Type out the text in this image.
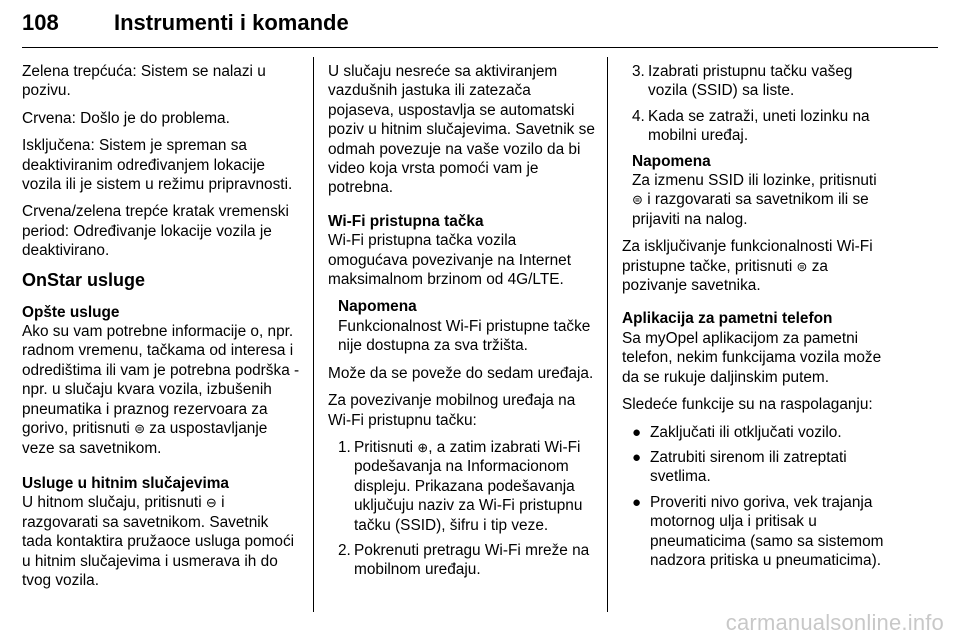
108	Instrumenti i komande

Zelena trepćuća: Sistem se nalazi u pozivu.

Crvena: Došlo je do problema.

Isključena: Sistem je spreman sa deaktiviranim određivanjem lokacije vozila ili je sistem u režimu pripravnosti.

Crvena/zelena trepće kratak vremenski period: Određivanje lokacije vozila je deaktivirano.

OnStar usluge
Opšte usluge

Ako su vam potrebne informacije o, npr. radnom vremenu, tačkama od interesa i odredištima ili vam je potrebna podrška - npr. u slučaju kvara vozila, izbušenih pneumatika i praznog rezervoara za gorivo, pritisnuti ⊜ za uspostavljanje veze sa savetnikom.

Usluge u hitnim slučajevima

U hitnom slučaju, pritisnuti ⊖ i razgovarati sa savetnikom. Savetnik tada kontaktira pružaoce usluga pomoći u hitnim slučajevima i usmerava ih do tvog vozila.

U slučaju nesreće sa aktiviranjem vazdušnih jastuka ili zatezača pojaseva, uspostavlja se automatski poziv u hitnim slučajevima. Savetnik se odmah povezuje na vaše vozilo da bi video koja vrsta pomoći vam je potrebna.

Wi-Fi pristupna tačka

Wi-Fi pristupna tačka vozila omogućava povezivanje na Internet maksimalnom brzinom od 4G/LTE.

Napomena
Funkcionalnost Wi-Fi pristupne tačke nije dostupna za sva tržišta.

Može da se poveže do sedam uređaja.

Za povezivanje mobilnog uređaja na Wi-Fi pristupnu tačku:

1. Pritisnuti ⊕, a zatim izabrati Wi-Fi podešavanja na Informacionom displeju. Prikazana podešavanja uključuju naziv za Wi-Fi pristupnu tačku (SSID), šifru i tip veze.
2. Pokrenuti pretragu Wi-Fi mreže na mobilnom uređaju.
3. Izabrati pristupnu tačku vašeg vozila (SSID) sa liste.
4. Kada se zatraži, uneti lozinku na mobilni uređaj.
Napomena
Za izmenu SSID ili lozinke, pritisnuti ⊜ i razgovarati sa savetnikom ili se prijaviti na nalog.

Za isključivanje funkcionalnosti Wi-Fi pristupne tačke, pritisnuti ⊜ za pozivanje savetnika.

Aplikacija za pametni telefon

Sa myOpel aplikacijom za pametni telefon, nekim funkcijama vozila može da se rukuje daljinskim putem.

Sledeće funkcije su na raspolaganju:

● Zaključati ili otključati vozilo.
● Zatrubiti sirenom ili zatreptati svetlima.
● Proveriti nivo goriva, vek trajanja motornog ulja i pritisak u pneumaticima (samo sa sistemom nadzora pritiska u pneumaticima).
carmanualsonline.info
